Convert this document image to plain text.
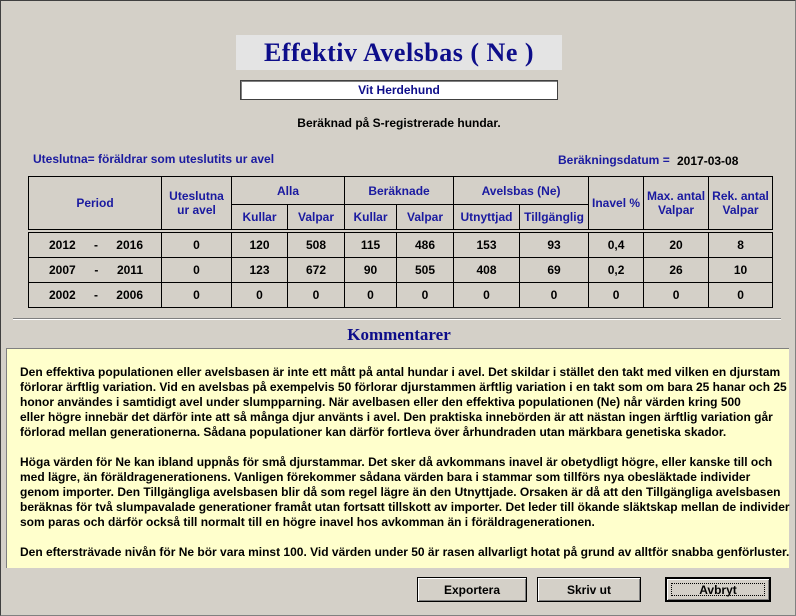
Effektiv Avelsbas ( Ne )
Vit Herdehund
Beräknad på S-registrerade hundar.
Uteslutna= föräldrar som uteslutits ur avel	Beräkningsdatum = 2017-03-08
Period	Uteslutna ur avel	Alla		Beräknade		Avelsbas (Ne)		Inavel %	Max. antal Valpar	Rek. antal Valpar
		Kullar	Valpar	Kullar	Valpar	Utnyttjad	Tillgänglig			

2012 - 2016	0	120	508	115	486	153	93	0,4	20	8

2007 - 2011	0	123	672	90	505	408	69	0,2	26	10

2002 - 2006	0	0	0	0	0	0	0	0	0	0
Kommentarer

Den effektiva populationen eller avelsbasen är inte ett mått på antal hundar i avel. Det skildar i stället den takt med vilken en djurstam
förlorar ärftlig variation. Vid en avelsbas på exempelvis 50 förlorar djurstammen ärftlig variation i en takt som om bara 25 hanar och 25
honor användes i samtidigt avel under slumpparning. När avelbasen eller den effektiva populationen (Ne) når värden kring 500
eller högre innebär det därför inte att så många djur använts i avel. Den praktiska innebörden är att nästan ingen ärftlig variation går
förlorad mellan generationerna. Sådana populationer kan därför fortleva över århundraden utan märkbara genetiska skador.

Höga värden för Ne kan ibland uppnås för små djurstammar. Det sker då avkommans inavel är obetydligt högre, eller kanske till och
med lägre, än föräldragenerationens. Vanligen förekommer sådana värden bara i stammar som tillförs nya obesläktade individer
genom importer. Den Tillgängliga avelsbasen blir då som regel lägre än den Utnyttjade. Orsaken är då att den Tillgängliga avelsbasen
beräknas för två slumpavalade generationer framåt utan fortsatt tillskott av importer. Det leder till ökande släktskap mellan de individer
som paras och därför också till normalt till en högre inavel hos avkomman än i föräldragenerationen.

Den eftersträvade nivån för Ne bör vara minst 100. Vid värden under 50 är rasen allvarligt hotat på grund av alltför snabba genförluster.

Exportera	Skriv ut	Avbryt
